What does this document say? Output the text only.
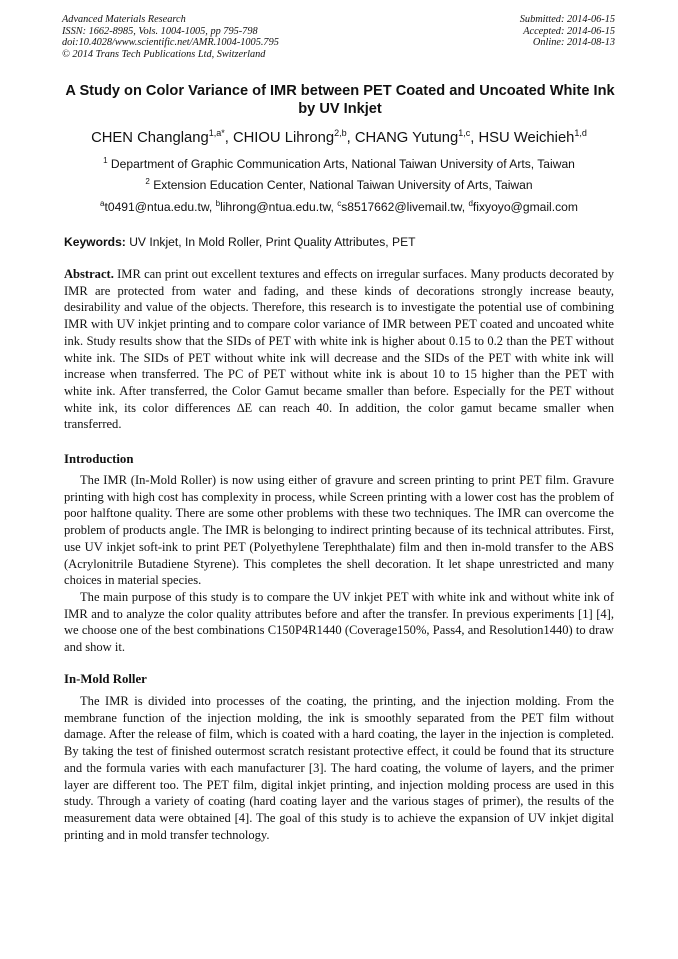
Advanced Materials Research
ISSN: 1662-8985, Vols. 1004-1005, pp 795-798
doi:10.4028/www.scientific.net/AMR.1004-1005.795
© 2014 Trans Tech Publications Ltd, Switzerland
Submitted: 2014-06-15
Accepted: 2014-06-15
Online: 2014-08-13
A Study on Color Variance of IMR between PET Coated and Uncoated White Ink by UV Inkjet
CHEN Changlang$^{1,a*}$, CHIOU Lihrong$^{2,b}$, CHANG Yutung$^{1,c}$, HSU Weichieh$^{1,d}$
$^1$ Department of Graphic Communication Arts, National Taiwan University of Arts, Taiwan
$^2$ Extension Education Center, National Taiwan University of Arts, Taiwan
$^a$t0491@ntua.edu.tw, $^b$lihrong@ntua.edu.tw, $^c$s8517662@livemail.tw, $^d$fixyoyo@gmail.com
Keywords: UV Inkjet, In Mold Roller, Print Quality Attributes, PET
Abstract. IMR can print out excellent textures and effects on irregular surfaces. Many products decorated by IMR are protected from water and fading, and these kinds of decorations strongly increase beauty, desirability and value of the objects. Therefore, this research is to investigate the potential use of combining IMR with UV inkjet printing and to compare color variance of IMR between PET coated and uncoated white ink. Study results show that the SIDs of PET with white ink is higher about 0.15 to 0.2 than the PET without white ink. The SIDs of PET without white ink will decrease and the SIDs of the PET with white ink will increase when transferred. The PC of PET without white ink is about 10 to 15 higher than the PET with white ink. After transferred, the Color Gamut became smaller than before. Especially for the PET without white ink, its color differences ∆E can reach 40. In addition, the color gamut became smaller when transferred.
Introduction
The IMR (In-Mold Roller) is now using either of gravure and screen printing to print PET film. Gravure printing with high cost has complexity in process, while Screen printing with a lower cost has the problem of poor halftone quality. There are some other problems with these two techniques. The IMR can overcome the problem of products angle. The IMR is belonging to indirect printing because of its technical attributes. First, use UV inkjet soft-ink to print PET (Polyethylene Terephthalate) film and then in-mold transfer to the ABS (Acrylonitrile Butadiene Styrene). This completes the shell decoration. It let shape unrestricted and many choices in material species.
The main purpose of this study is to compare the UV inkjet PET with white ink and without white ink of IMR and to analyze the color quality attributes before and after the transfer. In previous experiments [1] [4], we choose one of the best combinations C150P4R1440 (Coverage150%, Pass4, and Resolution1440) to draw and show it.
In-Mold Roller
The IMR is divided into processes of the coating, the printing, and the injection molding. From the membrane function of the injection molding, the ink is smoothly separated from the PET film without damage. After the release of film, which is coated with a hard coating, the layer in the injection is completed. By taking the test of finished outermost scratch resistant protective effect, it could be found that its structure and the formula varies with each manufacturer [3]. The hard coating, the volume of layers, and the primer layer are different too. The PET film, digital inkjet printing, and injection molding process are used in this study. Through a variety of coating (hard coating layer and the various stages of primer), the results of the measurement data were obtained [4]. The goal of this study is to achieve the expansion of UV inkjet digital printing and in mold transfer technology.
